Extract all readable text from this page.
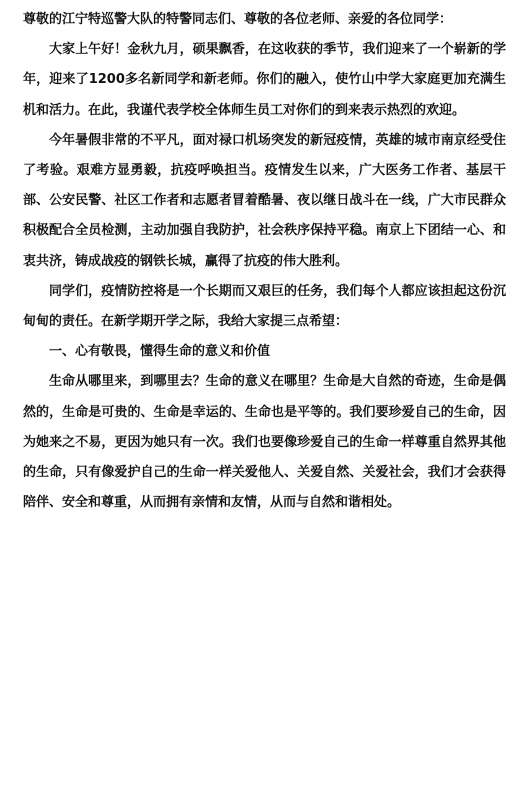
尊敬的江宁特巡警大队的特警同志们、尊敬的各位老师、亲爱的各位同学：

大家上午好！金秋九月，硕果飘香，在这收获的季节，我们迎来了一个崭新的学年，迎来了1200多名新同学和新老师。你们的融入，使竹山中学大家庭更加充满生机和活力。在此，我谨代表学校全体师生员工对你们的到来表示热烈的欢迎。

今年暑假非常的不平凡，面对禄口机场突发的新冠疫情，英雄的城市南京经受住了考验。艰难方显勇毅，抗疫呼唤担当。疫情发生以来，广大医务工作者、基层干部、公安民警、社区工作者和志愿者冒着酷暑、夜以继日战斗在一线，广大市民群众积极配合全员检测，主动加强自我防护，社会秩序保持平稳。南京上下团结一心、和衷共济，铸成战疫的钢铁长城，赢得了抗疫的伟大胜利。

同学们，疫情防控将是一个长期而又艰巨的任务，我们每个人都应该担起这份沉甸甸的责任。在新学期开学之际，我给大家提三点希望：

一、心有敬畏，懂得生命的意义和价值

生命从哪里来，到哪里去？生命的意义在哪里？生命是大自然的奇迹，生命是偶然的，生命是可贵的、生命是幸运的、生命也是平等的。我们要珍爱自己的生命，因为她来之不易，更因为她只有一次。我们也要像珍爱自己的生命一样尊重自然界其他的生命，只有像爱护自己的生命一样关爱他人、关爱自然、关爱社会，我们才会获得陪伴、安全和尊重，从而拥有亲情和友情，从而与自然和谐相处。
